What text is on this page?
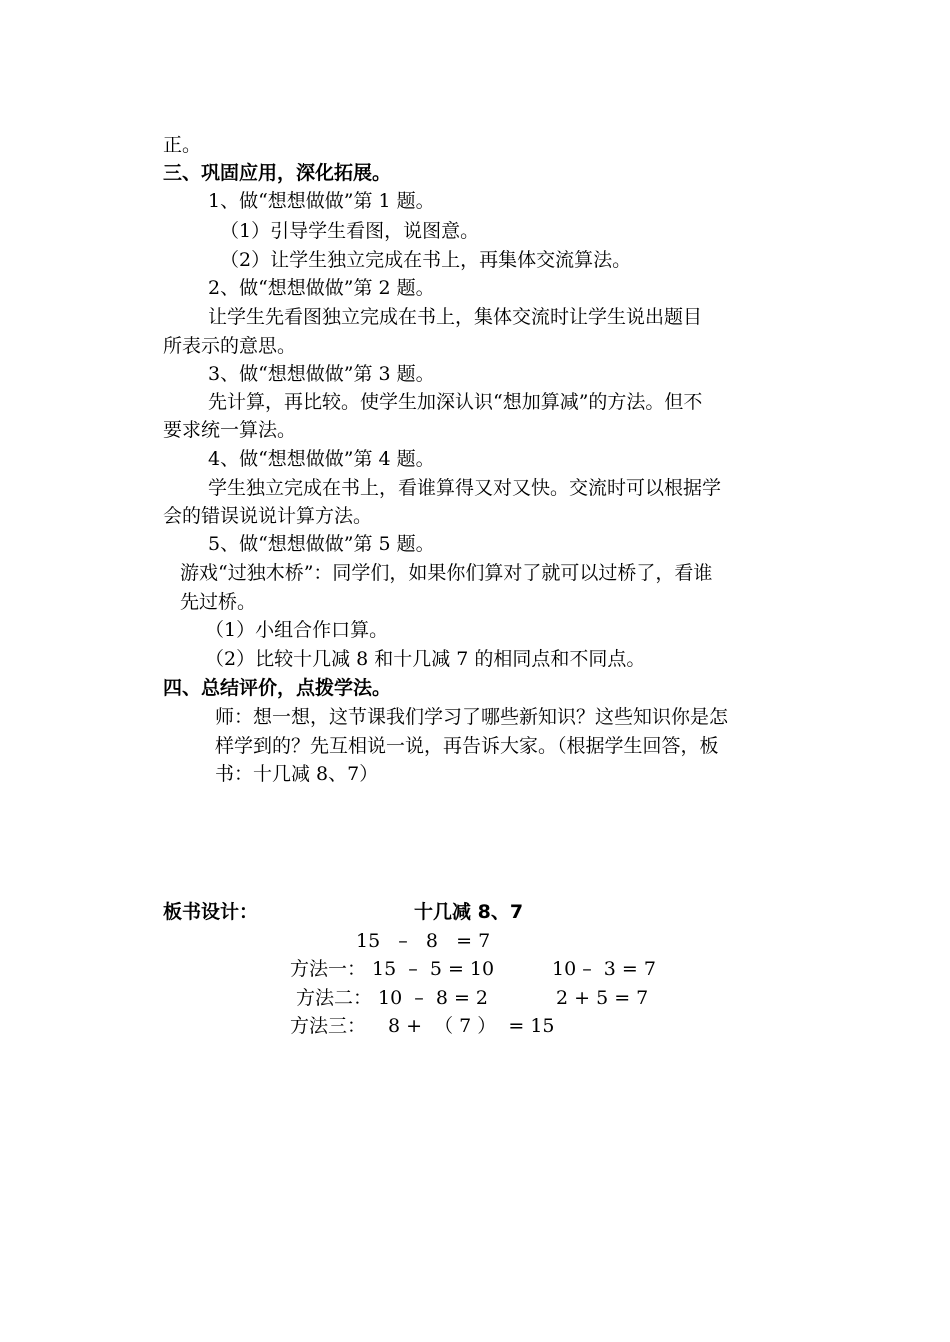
正。
三、巩固应用，深化拓展。
1、做“想想做做”第 1 题。
（1）引导学生看图，说图意。
（2）让学生独立完成在书上，再集体交流算法。
2、做“想想做做”第 2 题。
让学生先看图独立完成在书上，集体交流时让学生说出题目
所表示的意思。
3、做“想想做做”第 3 题。
先计算，再比较。使学生加深认识“想加算减”的方法。但不
要求统一算法。
4、做“想想做做”第 4 题。
学生独立完成在书上，看谁算得又对又快。交流时可以根据学
会的错误说说计算方法。
5、做“想想做做”第 5 题。
游戏“过独木桥”：同学们，如果你们算对了就可以过桥了，看谁
先过桥。
（1）小组合作口算。
（2）比较十几减 8 和十几减 7 的相同点和不同点。
四、总结评价，点拨学法。
师：想一想，这节课我们学习了哪些新知识？这些知识你是怎
样学到的？先互相说一说，再告诉大家。（根据学生回答，板
书：十几减 8、7）
板书设计：	十几减 8、7
15   –   8   = 7
方法一： 15  –  5 = 10	10 –  3 = 7
方法二： 10  –  8 = 2	2 + 5 = 7
方法三： 8 +  （ 7 ）  = 15
